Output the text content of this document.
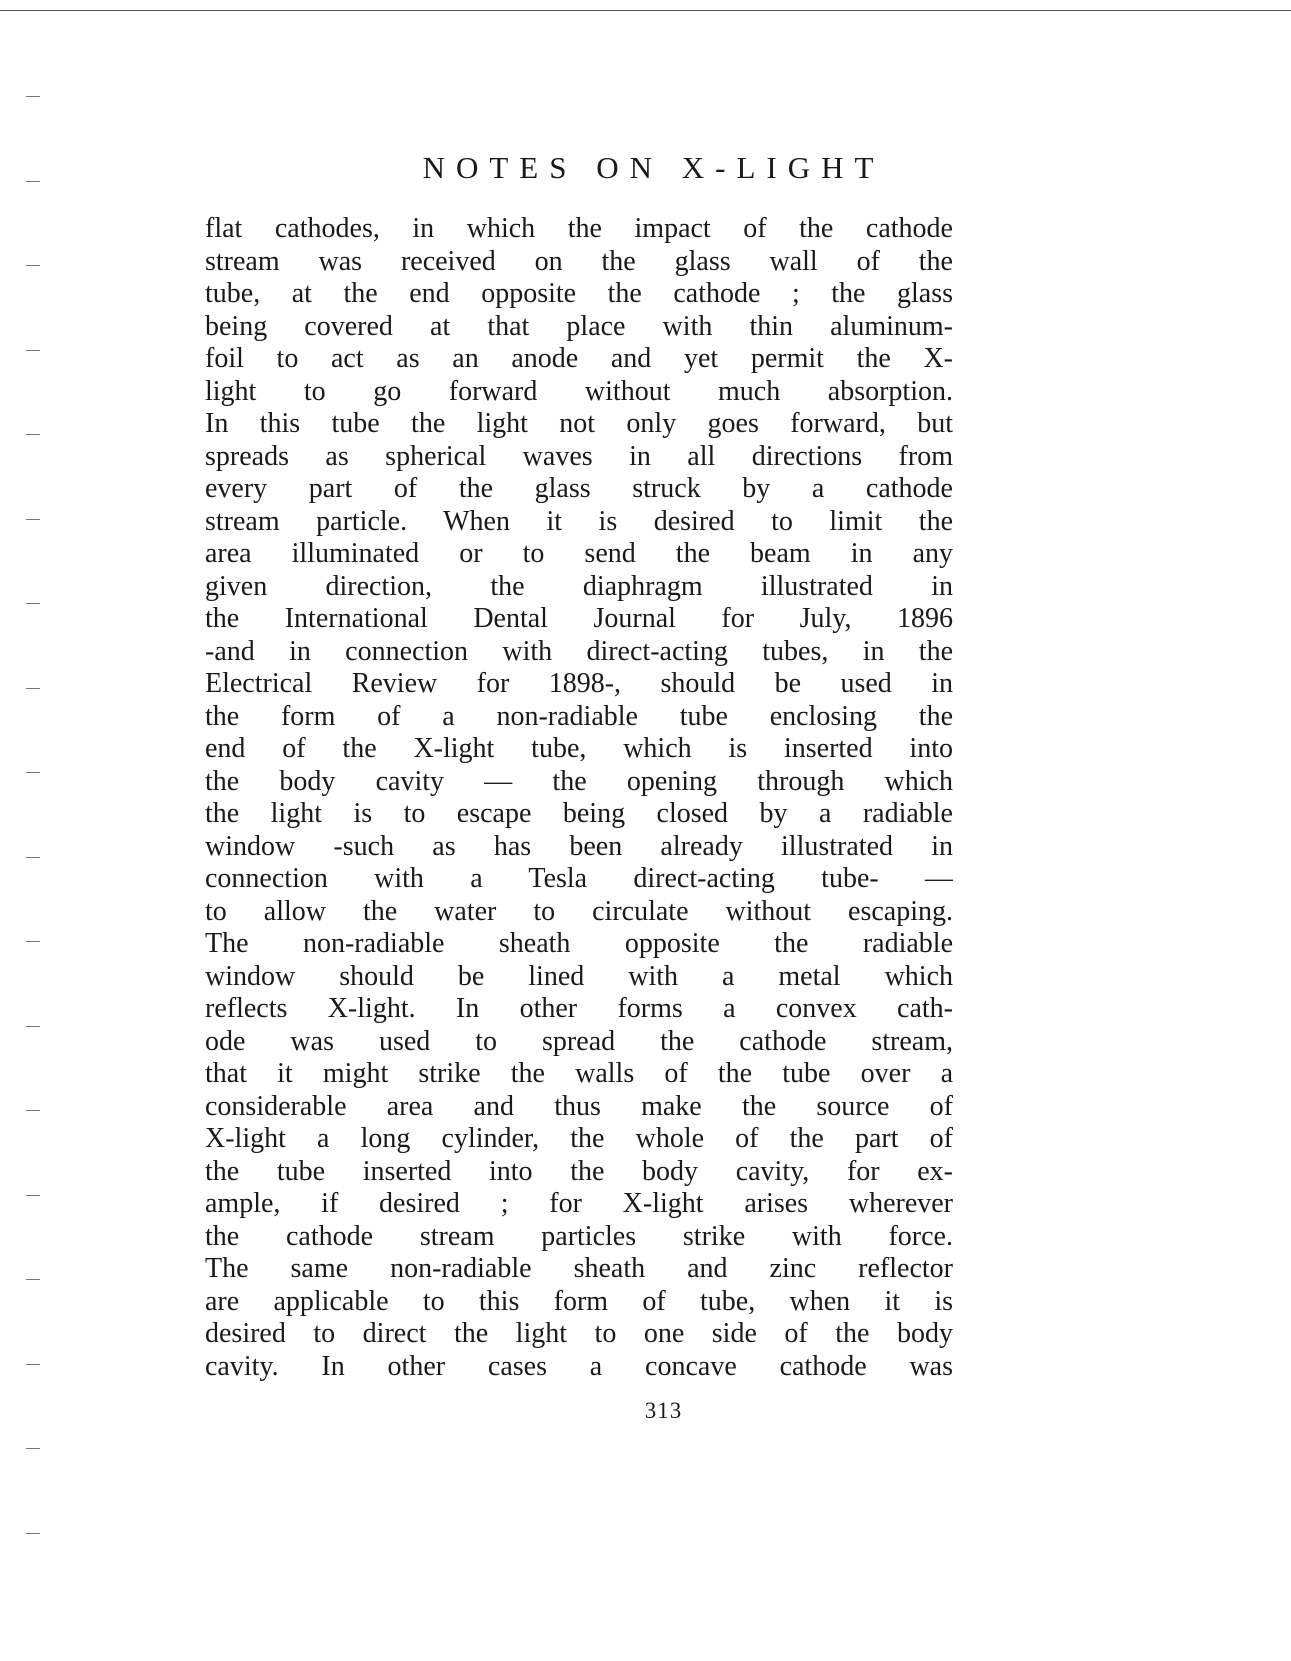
NOTES ON X-LIGHT
flat cathodes, in which the impact of the cathode
stream was received on the glass wall of the
tube, at the end opposite the cathode ; the glass
being covered at that place with thin aluminum-
foil to act as an anode and yet permit the X-
light to go forward without much absorption.
In this tube the light not only goes forward, but
spreads as spherical waves in all directions from
every part of the glass struck by a cathode
stream particle. When it is desired to limit the
area illuminated or to send the beam in any
given direction, the diaphragm illustrated in
the International Dental Journal for July, 1896
-and in connection with direct-acting tubes, in the
Electrical Review for 1898-, should be used in
the form of a non-radiable tube enclosing the
end of the X-light tube, which is inserted into
the body cavity — the opening through which
the light is to escape being closed by a radiable
window -such as has been already illustrated in
connection with a Tesla direct-acting tube- —
to allow the water to circulate without escaping.
The non-radiable sheath opposite the radiable
window should be lined with a metal which
reflects X-light. In other forms a convex cath-
ode was used to spread the cathode stream,
that it might strike the walls of the tube over a
considerable area and thus make the source of
X-light a long cylinder, the whole of the part of
the tube inserted into the body cavity, for ex-
ample, if desired ; for X-light arises wherever
the cathode stream particles strike with force.
The same non-radiable sheath and zinc reflector
are applicable to this form of tube, when it is
desired to direct the light to one side of the body
cavity. In other cases a concave cathode was
313
